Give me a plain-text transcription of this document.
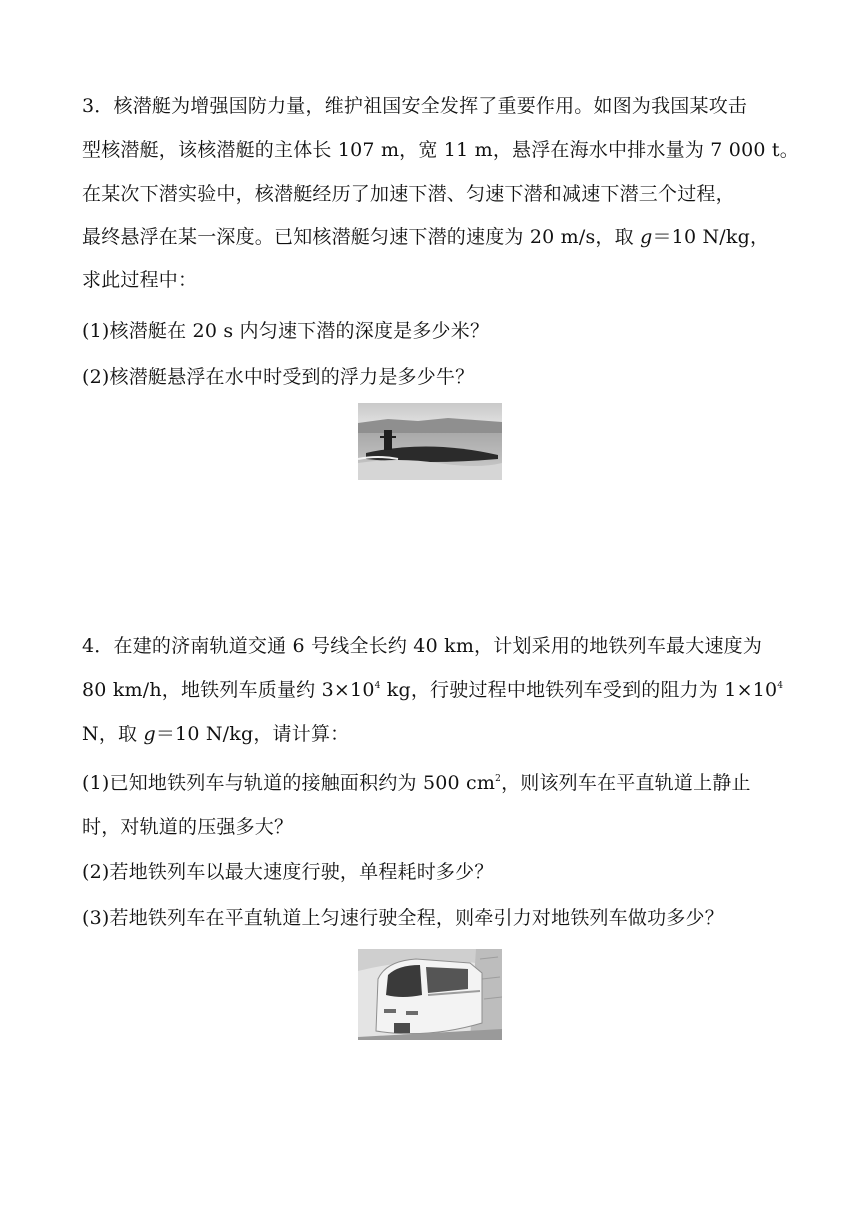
3．核潜艇为增强国防力量，维护祖国安全发挥了重要作用。如图为我国某攻击
型核潜艇，该核潜艇的主体长 107 m，宽 11 m，悬浮在海水中排水量为 7 000 t。
在某次下潜实验中，核潜艇经历了加速下潜、匀速下潜和减速下潜三个过程，
最终悬浮在某一深度。已知核潜艇匀速下潜的速度为 20 m/s，取 g＝10 N/kg，
求此过程中：
(1)核潜艇在 20 s 内匀速下潜的深度是多少米？
(2)核潜艇悬浮在水中时受到的浮力是多少牛？
4．在建的济南轨道交通 6 号线全长约 40 km，计划采用的地铁列车最大速度为
80 km/h，地铁列车质量约 $3\times 10^4$ kg，行驶过程中地铁列车受到的阻力为 $1\times 10^4$
N，取 g＝10 N/kg，请计算：
(1)已知地铁列车与轨道的接触面积约为 500 $cm^2$，则该列车在平直轨道上静止
时，对轨道的压强多大？
(2)若地铁列车以最大速度行驶，单程耗时多少？
(3)若地铁列车在平直轨道上匀速行驶全程，则牵引力对地铁列车做功多少？
